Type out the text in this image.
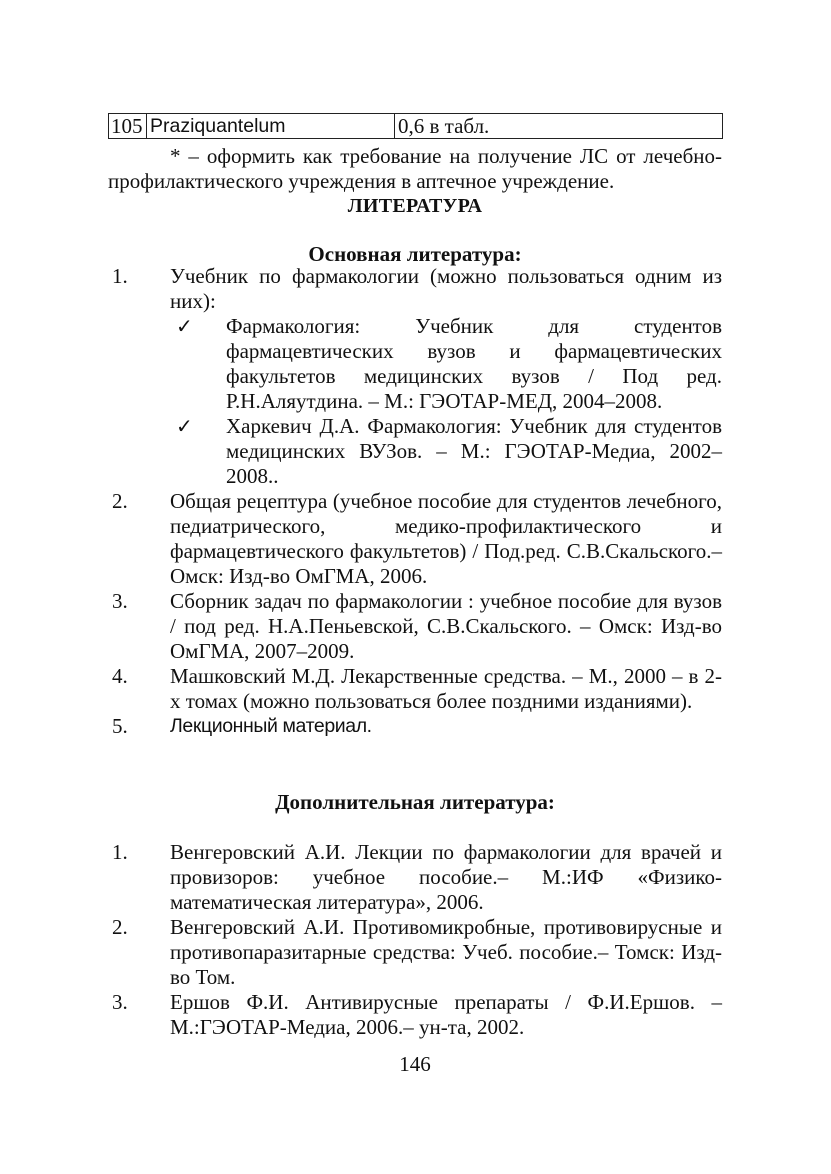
105	Praziquantelum	0,6 в табл.
* – оформить как требование на получение ЛС от лечебно-профилактического учреждения в аптечное учреждение.
ЛИТЕРАТУРА
Основная литература:
1. Учебник по фармакологии (можно пользоваться одним из них):
✓ Фармакология: Учебник для студентов фармацевтических вузов и фармацевтических факультетов медицинских вузов / Под ред. Р.Н.Аляутдина. – М.: ГЭОТАР-МЕД, 2004–2008.
✓ Харкевич Д.А. Фармакология: Учебник для студентов медицинских ВУЗов. – М.: ГЭОТАР-Медиа, 2002–2008..
2. Общая рецептура (учебное пособие для студентов лечебного, педиатрического, медико-профилактического и фармацевтического факультетов) / Под.ред. С.В.Скальского.– Омск: Изд-во ОмГМА, 2006.
3. Сборник задач по фармакологии : учебное пособие для вузов / под ред. Н.А.Пеньевской, С.В.Скальского. – Омск: Изд-во ОмГМА, 2007–2009.
4. Машковский М.Д. Лекарственные средства. – М., 2000 – в 2-х томах (можно пользоваться более поздними изданиями).
5. Лекционный материал.
Дополнительная литература:
1. Венгеровский А.И. Лекции по фармакологии для врачей и провизоров: учебное пособие.– М.:ИФ «Физико-математическая литература», 2006.
2. Венгеровский А.И. Противомикробные, противовирусные и противопаразитарные средства: Учеб. пособие.– Томск: Изд-во Том.
3. Ершов Ф.И. Антивирусные препараты / Ф.И.Ершов. – М.:ГЭОТАР-Медиа, 2006.– ун-та, 2002.
146
